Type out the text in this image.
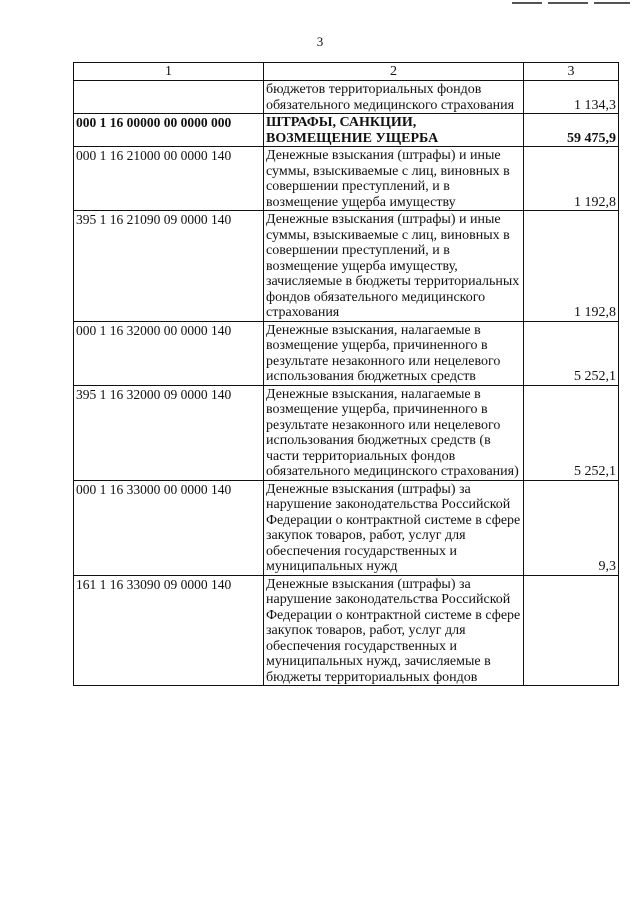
3
1	2	3
	бюджетов территориальных фондов обязательного медицинского страхования	1 134,3
000 1 16 00000 00 0000 000	ШТРАФЫ, САНКЦИИ, ВОЗМЕЩЕНИЕ УЩЕРБА	59 475,9
000 1 16 21000 00 0000 140	Денежные взыскания (штрафы) и иные суммы, взыскиваемые с лиц, виновных в совершении преступлений, и в возмещение ущерба имуществу	1 192,8
395 1 16 21090 09 0000 140	Денежные взыскания (штрафы) и иные суммы, взыскиваемые с лиц, виновных в совершении преступлений, и в возмещение ущерба имуществу, зачисляемые в бюджеты территориальных фондов обязательного медицинского страхования	1 192,8
000 1 16 32000 00 0000 140	Денежные взыскания, налагаемые в возмещение ущерба, причиненного в результате незаконного или нецелевого использования бюджетных средств	5 252,1
395 1 16 32000 09 0000 140	Денежные взыскания, налагаемые в возмещение ущерба, причиненного в результате незаконного или нецелевого использования бюджетных средств (в части территориальных фондов обязательного медицинского страхования)	5 252,1
000 1 16 33000 00 0000 140	Денежные взыскания (штрафы) за нарушение законодательства Российской Федерации о контрактной системе в сфере закупок товаров, работ, услуг для обеспечения государственных и муниципальных нужд	9,3
161 1 16 33090 09 0000 140	Денежные взыскания (штрафы) за нарушение законодательства Российской Федерации о контрактной системе в сфере закупок товаров, работ, услуг для обеспечения государственных и муниципальных нужд, зачисляемые в бюджеты территориальных фондов	
